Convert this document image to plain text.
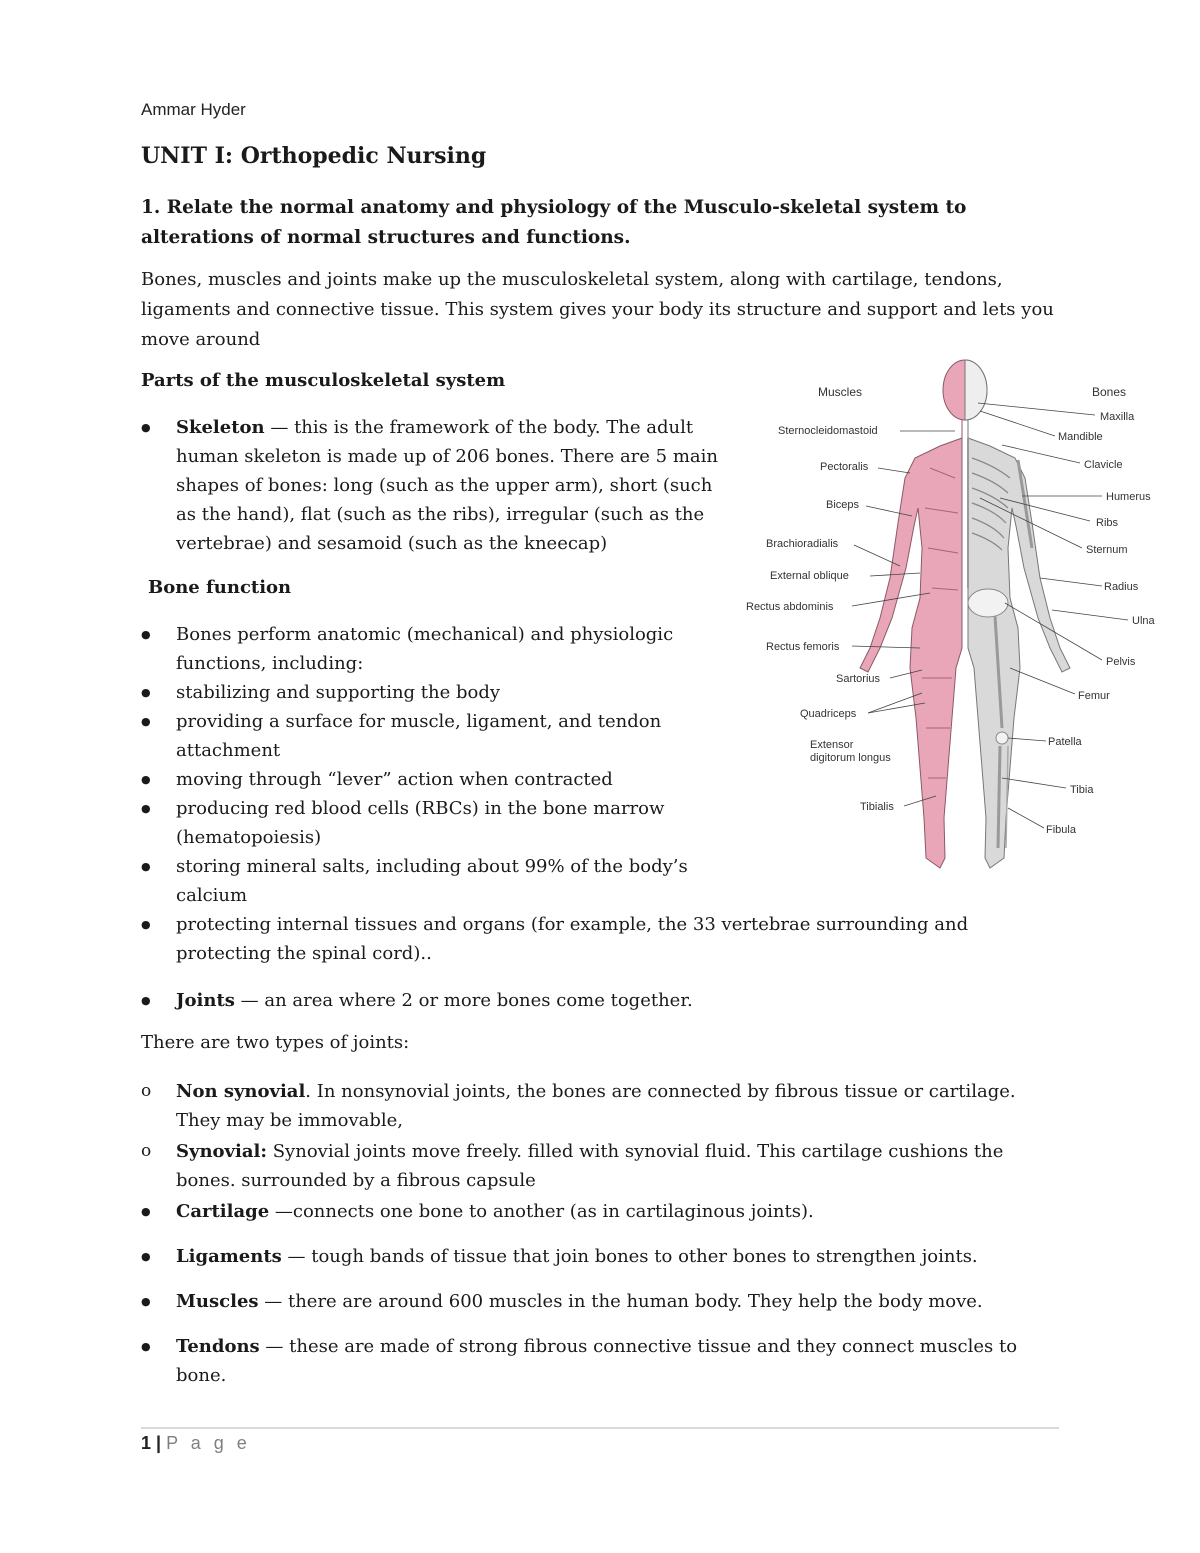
Ammar Hyder
UNIT I: Orthopedic Nursing

1. Relate the normal anatomy and physiology of the Musculo-skeletal system to alterations of normal structures and functions.

Bones, muscles and joints make up the musculoskeletal system, along with cartilage, tendons, ligaments and connective tissue. This system gives your body its structure and support and lets you move around

Parts of the musculoskeletal system
● Skeleton — this is the framework of the body. The adult human skeleton is made up of 206 bones. There are 5 main shapes of bones: long (such as the upper arm), short (such as the hand), flat (such as the ribs), irregular (such as the vertebrae) and sesamoid (such as the kneecap)
Bone function
● Bones perform anatomic (mechanical) and physiologic functions, including:
● stabilizing and supporting the body
● providing a surface for muscle, ligament, and tendon attachment
● moving through “lever” action when contracted
● producing red blood cells (RBCs) in the bone marrow (hematopoiesis)
● storing mineral salts, including about 99% of the body’s calcium
● protecting internal tissues and organs (for example, the 33 vertebrae surrounding and protecting the spinal cord)..
● Joints — an area where 2 or more bones come together.

There are two types of joints:

o Non synovial. In nonsynovial joints, the bones are connected by fibrous tissue or cartilage. They may be immovable,
o Synovial: Synovial joints move freely. filled with synovial fluid. This cartilage cushions the bones. surrounded by a fibrous capsule
● Cartilage —connects one bone to another (as in cartilaginous joints).
● Ligaments — tough bands of tissue that join bones to other bones to strengthen joints.
● Muscles — there are around 600 muscles in the human body. They help the body move.
● Tendons — these are made of strong fibrous connective tissue and they connect muscles to bone.
Muscles	Bones
Sternocleidomastoid
Pectoralis
Biceps
Brachioradialis
External oblique
Rectus abdominis
Rectus femoris
Sartorius
Quadriceps
Extensor
digitorum longus
Tibialis
Maxilla
Mandible
Clavicle
Humerus
Ribs
Sternum
Radius
Ulna
Pelvis
Femur
Patella
Tibia
Fibula
1 | P a g e
